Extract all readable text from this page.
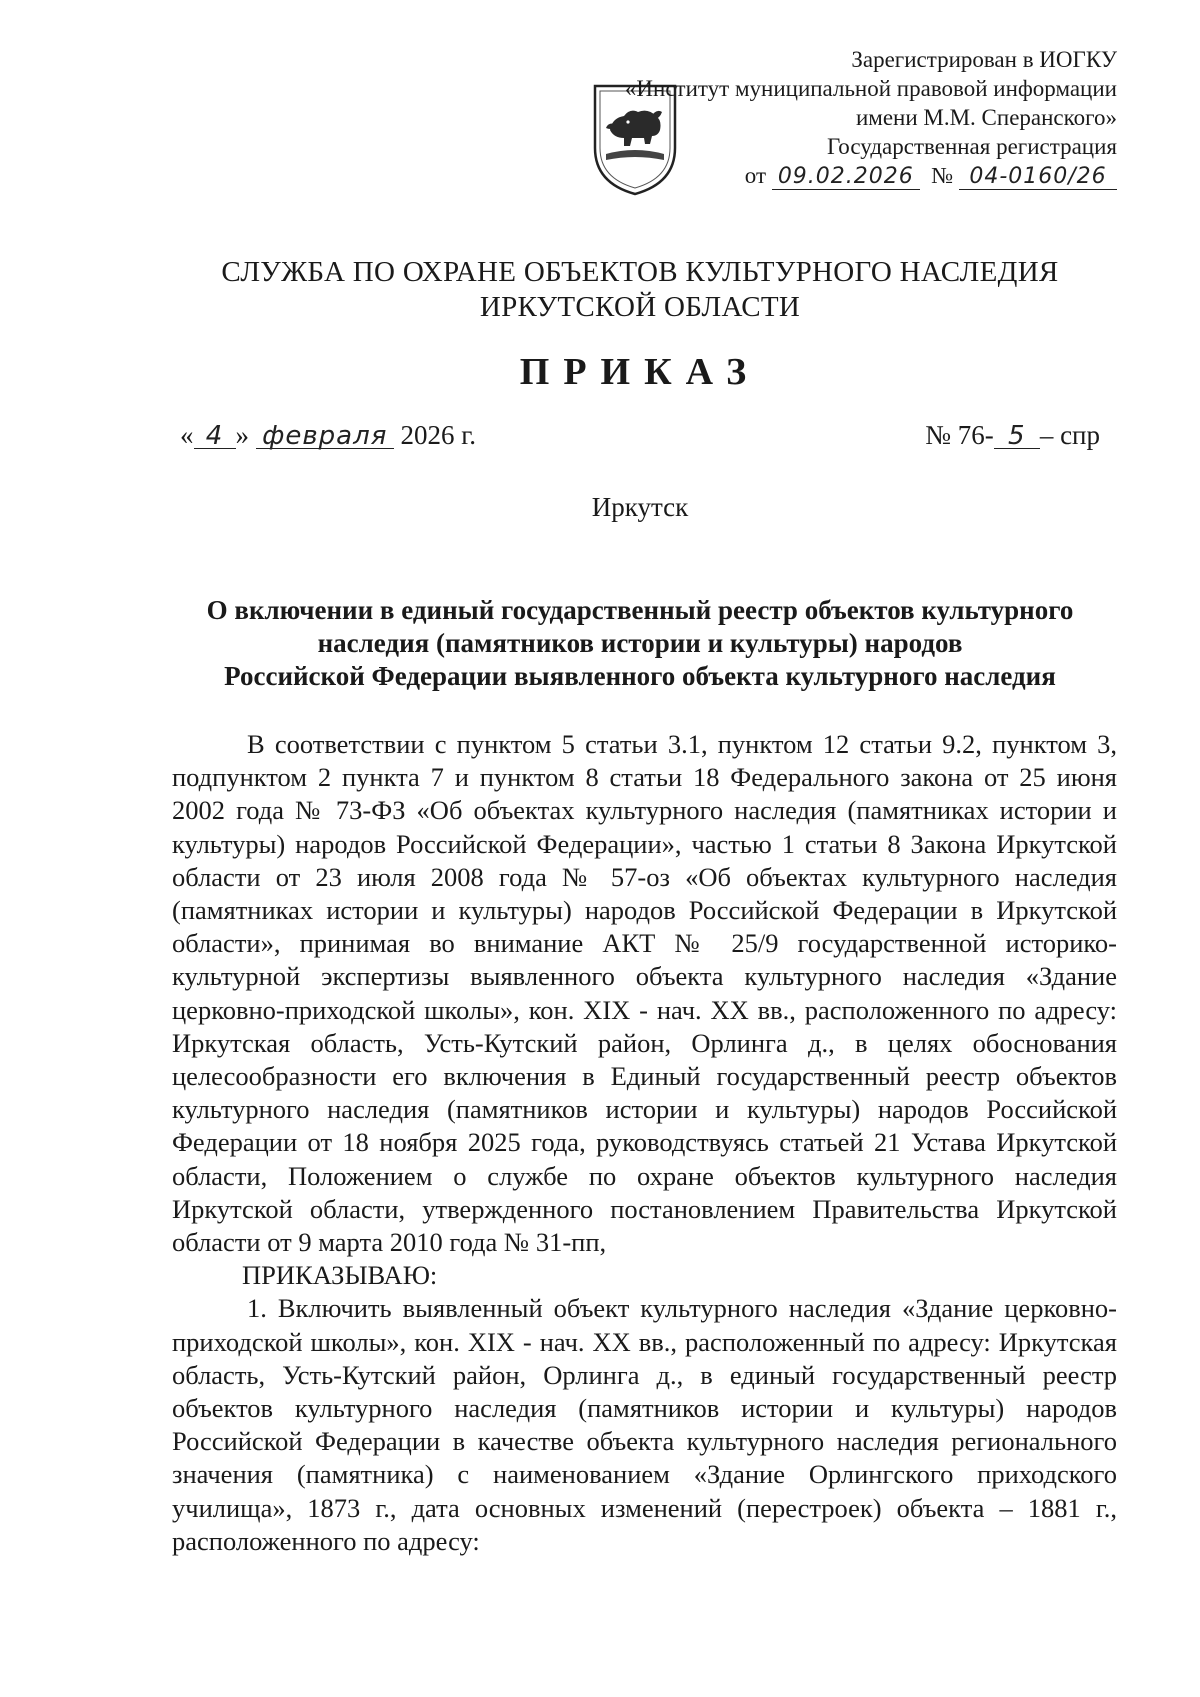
Зарегистрирован в ИОГКУ
«Институт муниципальной правовой информации
имени М.М. Сперанского»
Государственная регистрация
от 09.02.2026 № 04-0160/26
СЛУЖБА ПО ОХРАНЕ ОБЪЕКТОВ КУЛЬТУРНОГО НАСЛЕДИЯ
ИРКУТСКОЙ ОБЛАСТИ
ПРИКАЗ
« 4 » февраля 2026 г.	№ 76- 5 – спр
Иркутск
О включении в единый государственный реестр объектов культурного
наследия (памятников истории и культуры) народов
Российской Федерации выявленного объекта культурного наследия

В соответствии с пунктом 5 статьи 3.1, пунктом 12 статьи 9.2, пунктом 3, подпунктом 2 пункта 7 и пунктом 8 статьи 18 Федерального закона от 25 июня 2002 года № 73-ФЗ «Об объектах культурного наследия (памятниках истории и культуры) народов Российской Федерации», частью 1 статьи 8 Закона Иркутской области от 23 июля 2008 года № 57-оз «Об объектах культурного наследия (памятниках истории и культуры) народов Российской Федерации в Иркутской области», принимая во внимание АКТ № 25/9 государственной историко-культурной экспертизы выявленного объекта культурного наследия «Здание церковно-приходской школы», кон. XIX - нач. XX вв., расположенного по адресу: Иркутская область, Усть-Кутский район, Орлинга д., в целях обоснования целесообразности его включения в Единый государственный реестр объектов культурного наследия (памятников истории и культуры) народов Российской Федерации от 18 ноября 2025 года, руководствуясь статьей 21 Устава Иркутской области, Положением о службе по охране объектов культурного наследия Иркутской области, утвержденного постановлением Правительства Иркутской области от 9 марта 2010 года № 31-пп,

ПРИКАЗЫВАЮ:

1. Включить выявленный объект культурного наследия «Здание церковно-приходской школы», кон. XIX - нач. XX вв., расположенный по адресу: Иркутская область, Усть-Кутский район, Орлинга д., в единый государственный реестр объектов культурного наследия (памятников истории и культуры) народов Российской Федерации в качестве объекта культурного наследия регионального значения (памятника) с наименованием «Здание Орлингского приходского училища», 1873 г., дата основных изменений (перестроек) объекта – 1881 г., расположенного по адресу:
